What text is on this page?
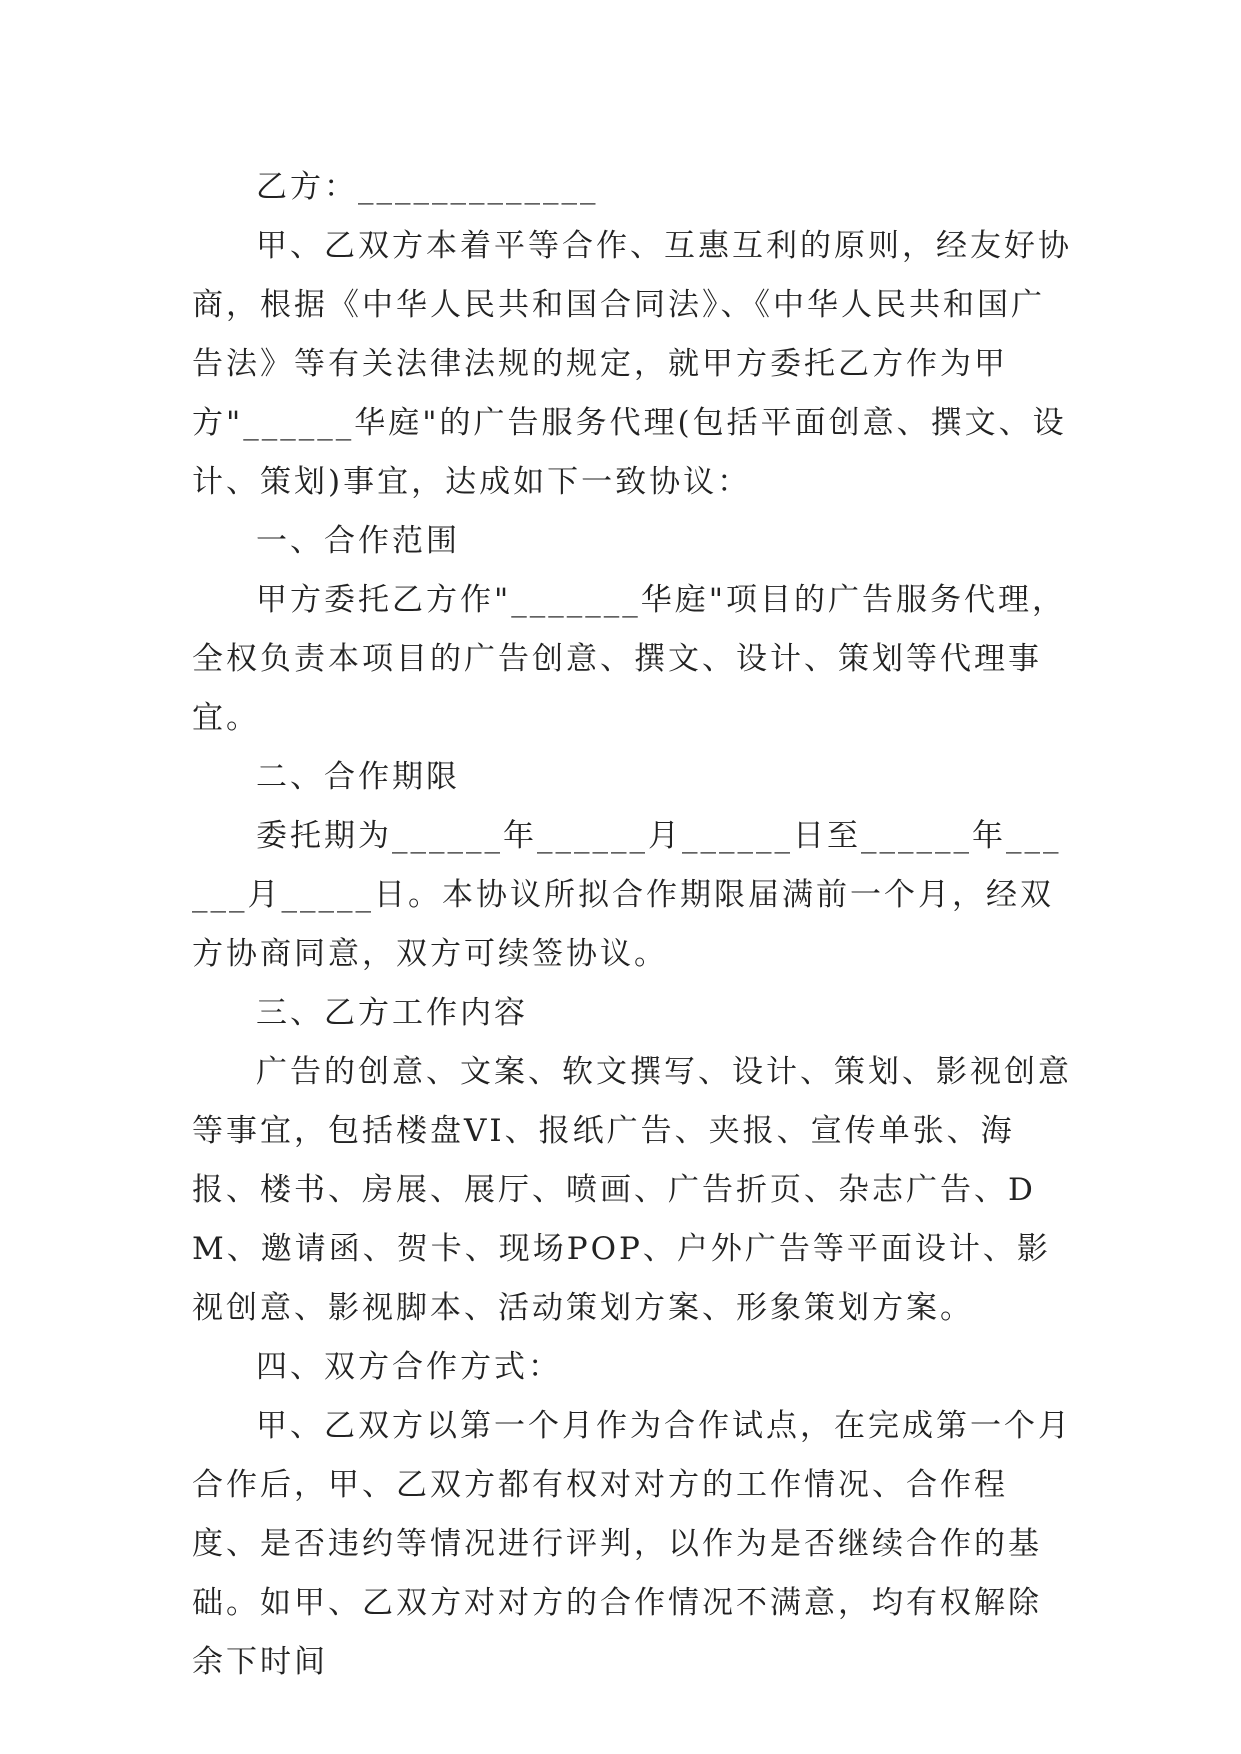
乙方：_____________

甲、乙双方本着平等合作、互惠互利的原则，经友好协商，根据《中华人民共和国合同法》、《中华人民共和国广告法》等有关法律法规的规定，就甲方委托乙方作为甲方"______华庭"的广告服务代理(包括平面创意、撰文、设计、策划)事宜，达成如下一致协议：

一、合作范围

甲方委托乙方作"_______华庭"项目的广告服务代理，全权负责本项目的广告创意、撰文、设计、策划等代理事宜。

二、合作期限

委托期为______年______月______日至______年______月_____日。本协议所拟合作期限届满前一个月，经双方协商同意，双方可续签协议。

三、乙方工作内容

广告的创意、文案、软文撰写、设计、策划、影视创意等事宜，包括楼盘VI、报纸广告、夹报、宣传单张、海报、楼书、房展、展厅、喷画、广告折页、杂志广告、DM、邀请函、贺卡、现场POP、户外广告等平面设计、影视创意、影视脚本、活动策划方案、形象策划方案。

四、双方合作方式：

甲、乙双方以第一个月作为合作试点，在完成第一个月合作后，甲、乙双方都有权对对方的工作情况、合作程度、是否违约等情况进行评判，以作为是否继续合作的基础。如甲、乙双方对对方的合作情况不满意，均有权解除余下时间
